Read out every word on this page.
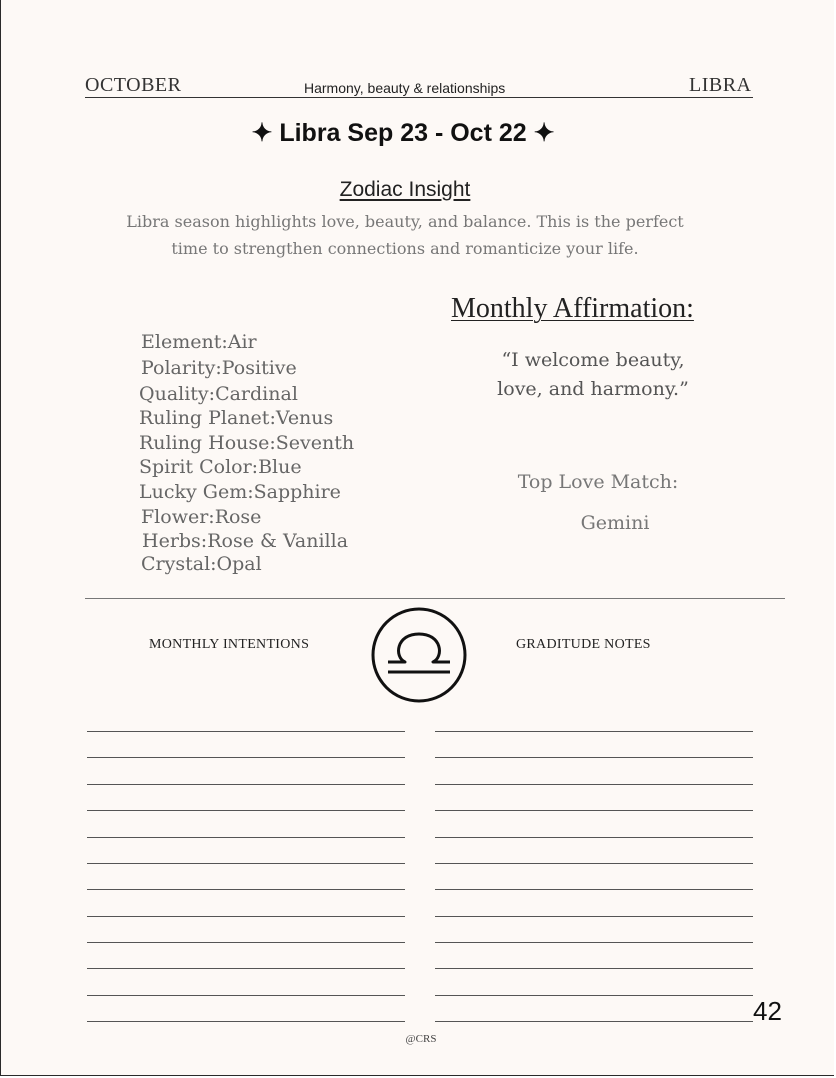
OCTOBER	Harmony, beauty & relationships	LIBRA
✦ Libra Sep 23 - Oct 22 ✦
Zodiac Insight
Libra season highlights love, beauty, and balance. This is the perfect
time to strengthen connections and romanticize your life.
Monthly Affirmation:
“I welcome beauty,
love, and harmony.”
Element:Air
Polarity:Positive
Quality:Cardinal
Ruling Planet:Venus
Ruling House:Seventh
Spirit Color:Blue
Lucky Gem:Sapphire
Flower:Rose
Herbs:Rose & Vanilla
Crystal:Opal
Top Love Match:
Gemini
MONTHLY INTENTIONS	GRADITUDE NOTES
42
@CRS
